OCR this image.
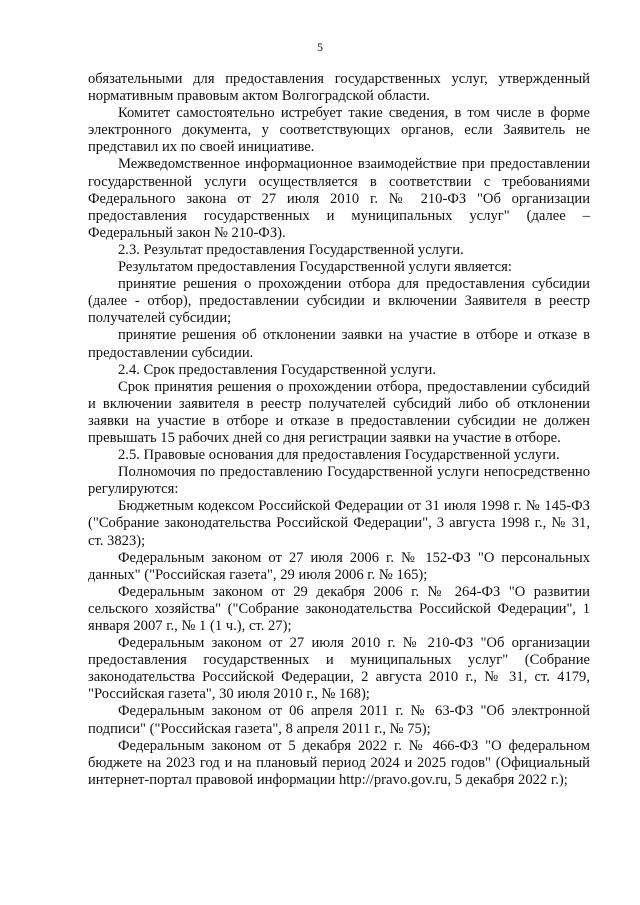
5

обязательными для предоставления государственных услуг, утвержденный нормативным правовым актом Волгоградской области.

Комитет самостоятельно истребует такие сведения, в том числе в форме электронного документа, у соответствующих органов, если Заявитель не представил их по своей инициативе.

Межведомственное информационное взаимодействие при предоставлении государственной услуги осуществляется в соответствии с требованиями Федерального закона от 27 июля 2010 г. № 210-ФЗ "Об организации предоставления государственных и муниципальных услуг" (далее – Федеральный закон № 210-ФЗ).

2.3. Результат предоставления Государственной услуги.

Результатом предоставления Государственной услуги является:

принятие решения о прохождении отбора для предоставления субсидии (далее - отбор), предоставлении субсидии и включении Заявителя в реестр получателей субсидии;

принятие решения об отклонении заявки на участие в отборе и отказе в предоставлении субсидии.

2.4. Срок предоставления Государственной услуги.

Срок принятия решения о прохождении отбора, предоставлении субсидий и включении заявителя в реестр получателей субсидий либо об отклонении заявки на участие в отборе и отказе в предоставлении субсидии не должен превышать 15 рабочих дней со дня регистрации заявки на участие в отборе.

2.5. Правовые основания для предоставления Государственной услуги.

Полномочия по предоставлению Государственной услуги непосредственно регулируются:

Бюджетным кодексом Российской Федерации от 31 июля 1998 г. № 145-ФЗ ("Собрание законодательства Российской Федерации", 3 августа 1998 г., № 31, ст. 3823);

Федеральным законом от 27 июля 2006 г. № 152-ФЗ "О персональных данных" ("Российская газета", 29 июля 2006 г. № 165);

Федеральным законом от 29 декабря 2006 г. № 264-ФЗ "О развитии сельского хозяйства" ("Собрание законодательства Российской Федерации", 1 января 2007 г., № 1 (1 ч.), ст. 27);

Федеральным законом от 27 июля 2010 г. № 210-ФЗ "Об организации предоставления государственных и муниципальных услуг" (Собрание законодательства Российской Федерации, 2 августа 2010 г., № 31, ст. 4179, "Российская газета", 30 июля 2010 г., № 168);

Федеральным законом от 06 апреля 2011 г. № 63-ФЗ "Об электронной подписи" ("Российская газета", 8 апреля 2011 г., № 75);

Федеральным законом от 5 декабря 2022 г. № 466-ФЗ "О федеральном бюджете на 2023 год и на плановый период 2024 и 2025 годов" (Официальный интернет-портал правовой информации http://pravo.gov.ru, 5 декабря 2022 г.);
